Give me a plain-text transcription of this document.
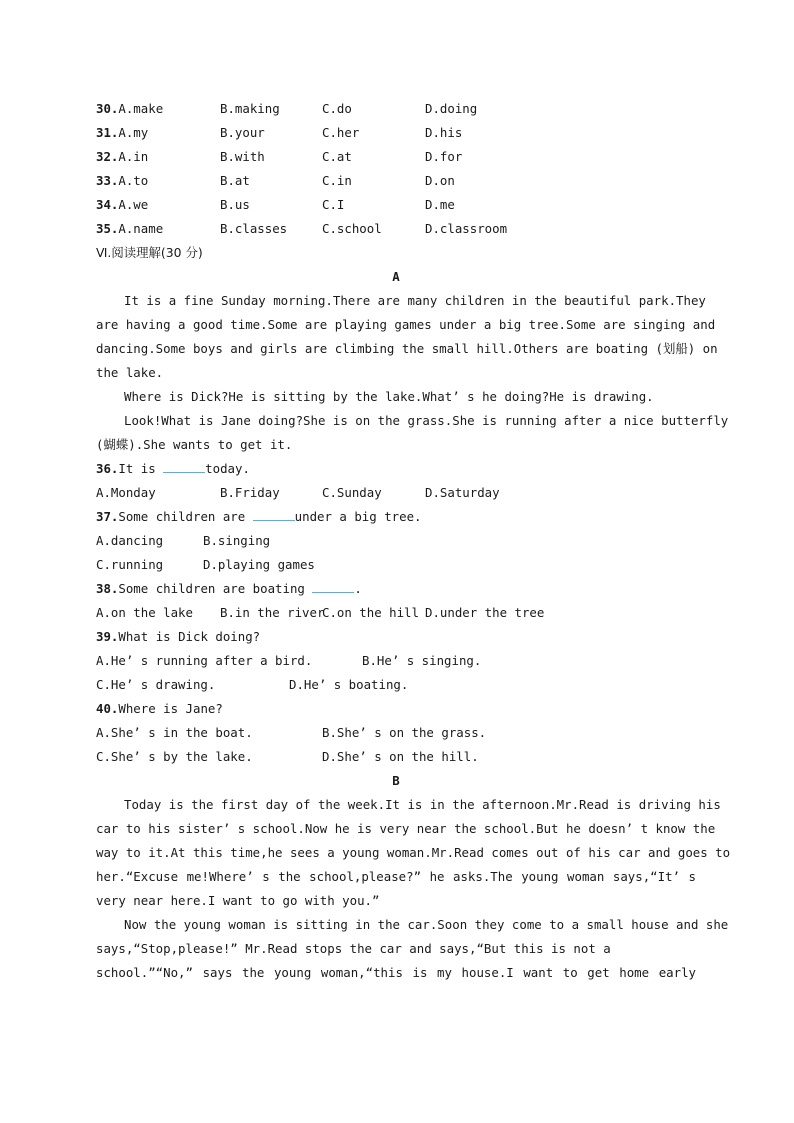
30.A.make	B.making	C.do	D.doing
31.A.my	B.your	C.her	D.his
32.A.in	B.with	C.at	D.for
33.A.to	B.at	C.in	D.on
34.A.we	B.us	C.I	D.me
35.A.name	B.classes	C.school	D.classroom
Ⅵ.阅读理解(30 分)
A
It is a fine Sunday morning.There are many children in the beautiful park.They
are having a good time.Some are playing games under a big tree.Some are singing and
dancing.Some boys and girls are climbing the small hill.Others are boating (划船) on
the lake.
Where is Dick?He is sitting by the lake.What’ s he doing?He is drawing.
Look!What is Jane doing?She is on the grass.She is running after a nice butterfly
(蝴蝶).She wants to get it.
36.It is	today.
A.Monday	B.Friday	C.Sunday	D.Saturday
37.Some children are	under a big tree.
A.dancing	B.singing
C.running	D.playing games
38.Some children are boating	.
A.on the lake B.in the river
C.on the hill D.under the tree
39.What is Dick doing?
A.He’ s running after a bird.	B.He’ s singing.
C.He’ s drawing.	D.He’ s boating.
40.Where is Jane?
A.She’ s in the boat.	B.She’ s on the grass.
C.She’ s by the lake.	D.She’ s on the hill.
B
Today is the first day of the week.It is in the afternoon.Mr.Read is driving his
car to his sister’ s school.Now he is very near the school.But he doesn’ t know the
way to it.At this time,he sees a young woman.Mr.Read comes out of his car and goes to
her.“Excuse me!Where’ s the school,please?” he asks.The young woman says,“It’ s
very near here.I want to go with you.”
Now the young woman is sitting in the car.Soon they come to a small house and she
says,“Stop,please!” Mr.Read stops the car and says,“But this is not a
school.”“No,” says the young woman,“this is my house.I want to get home early
